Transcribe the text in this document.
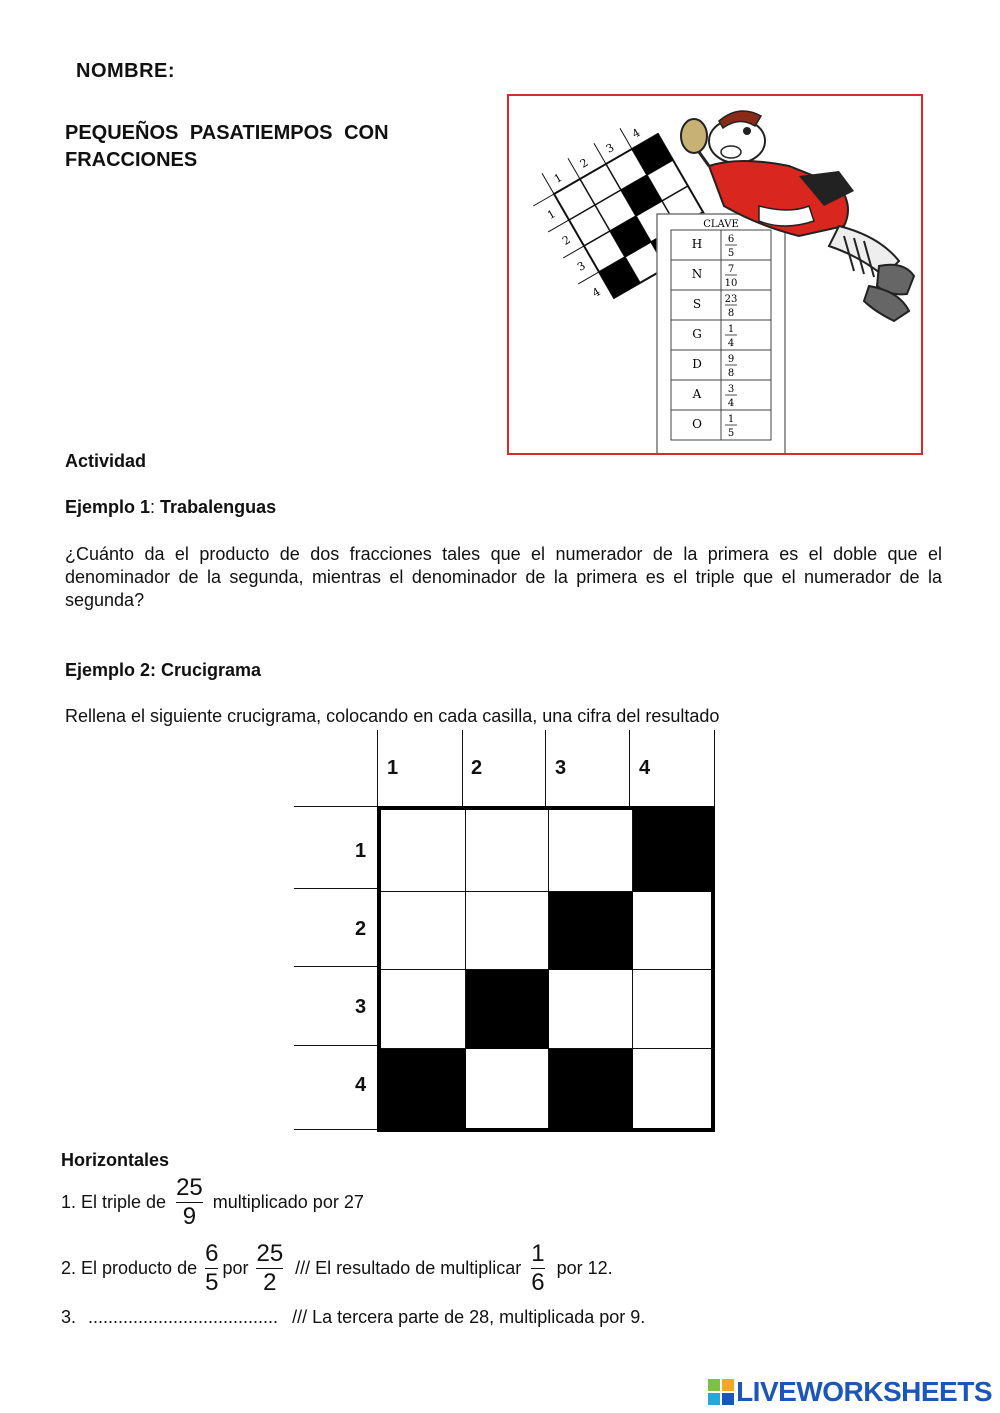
NOMBRE:
PEQUEÑOS PASATIEMPOS CON FRACCIONES
1
2
3
4
1
2
3
4
CLAVE
H	6
5
N	7
10
S 23
8
G	1
4
D	9
8
A	3
4
O	1
5
Actividad
Ejemplo 1: Trabalenguas
¿Cuánto da el producto de dos fracciones tales que el numerador de la primera es el doble que el denominador de la segunda, mientras el denominador de la primera es el triple que el numerador de la segunda?
Ejemplo 2: Crucigrama
Rellena el siguiente crucigrama, colocando en cada casilla, una cifra del resultado
1	2	3	4
1
2
3
4
Horizontales
1. El triple de $\frac{25}{9}$ multiplicado por 27
2. El producto de $\frac{6}{5}$ por $\frac{25}{2}$ /// El resultado de multiplicar $\frac{1}{6}$ por 12.
3. ...................................... /// La tercera parte de 28, multiplicada por 9.
LIVEWORKSHEETS
